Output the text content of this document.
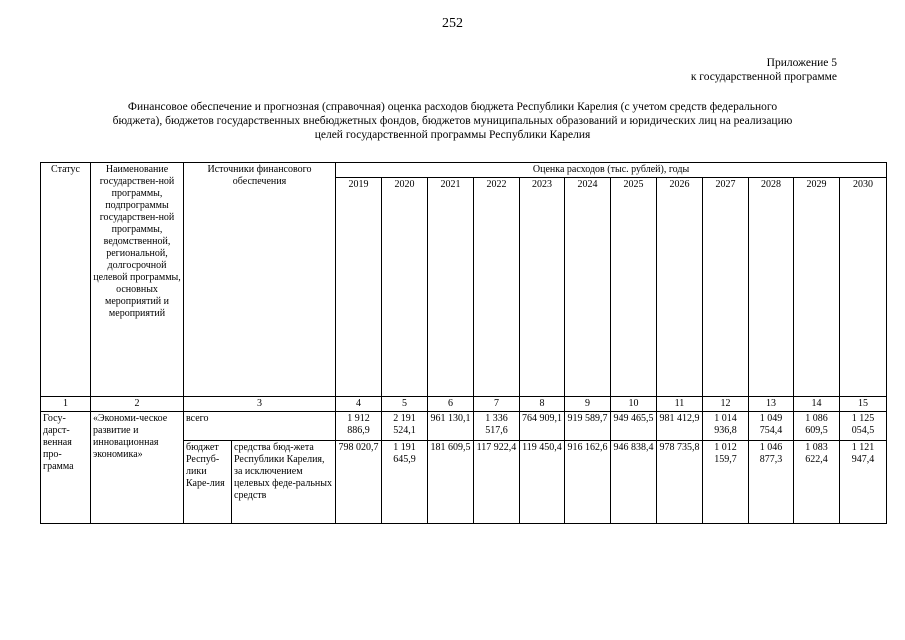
252
Приложение 5
к государственной программе
Финансовое обеспечение и прогнозная (справочная) оценка расходов бюджета Республики Карелия (с учетом средств федерального
бюджета), бюджетов государственных внебюджетных фондов, бюджетов муниципальных образований и юридических лиц на реализацию
целей государственной программы Республики Карелия
Статус	Наименование государствен-ной программы, подпрограммы государствен-ной программы, ведомственной, региональной, долгосрочной целевой программы, основных мероприятий и мероприятий	Источники финансового обеспечения		Оценка расходов (тыс. рублей), годы											
				2019	2020	2021	2022	2023	2024	2025	2026	2027	2028	2029	2030
1	2	3		4	5	6	7	8	9	10	11	12	13	14	15
Госу-дарст-венная про-грамма	«Экономи-ческое развитие и инновационная экономика»	всего		1 912 886,9	2 191 524,1	961 130,1	1 336 517,6	764 909,1	919 589,7	949 465,5	981 412,9	1 014 936,8	1 049 754,4	1 086 609,5	1 125 054,5
		бюджет Респуб-лики Каре-лия	средства бюд-жета Республики Карелия, за исключением целевых феде-ральных средств	798 020,7	1 191 645,9	181 609,5	117 922,4	119 450,4	916 162,6	946 838,4	978 735,8	1 012 159,7	1 046 877,3	1 083 622,4	1 121 947,4
